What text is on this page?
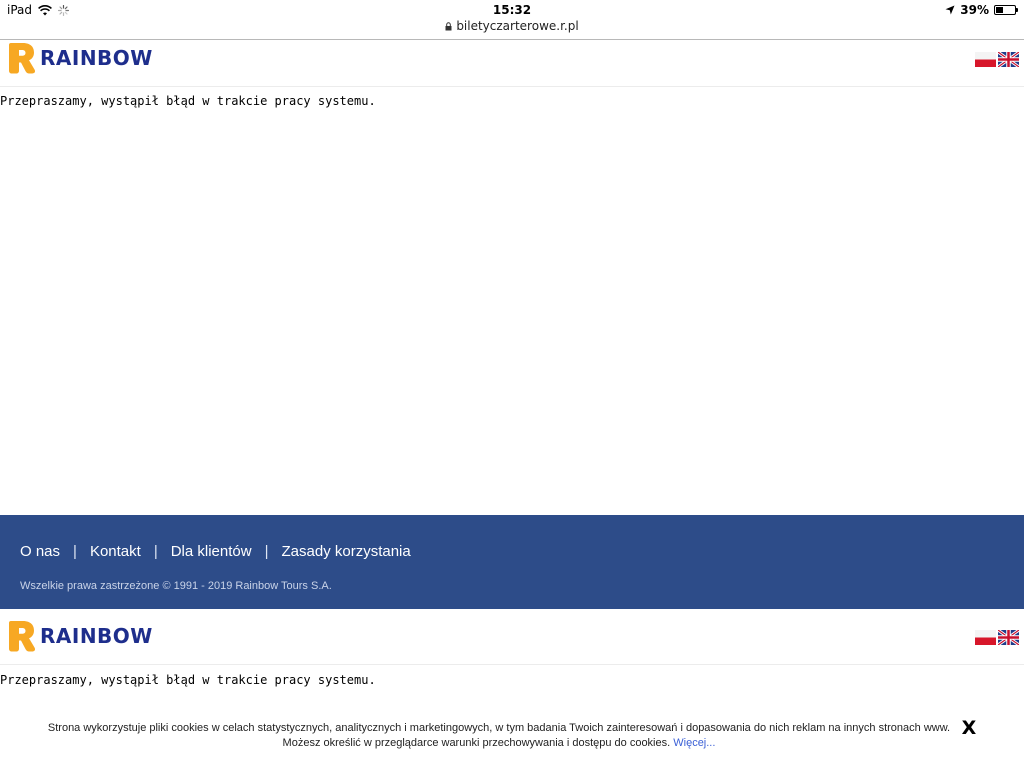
iPad	15:32	39%
biletyczarterowe.r.pl
RAINBOW
Przepraszamy, wystąpił błąd w trakcie pracy systemu.
O nas | Kontakt | Dla klientów | Zasady korzystania
Wszelkie prawa zastrzeżone © 1991 - 2019 Rainbow Tours S.A.
RAINBOW
Przepraszamy, wystąpił błąd w trakcie pracy systemu.
Strona wykorzystuje pliki cookies w celach statystycznych, analitycznych i marketingowych, w tym badania Twoich zainteresowań i dopasowania do nich reklam na innych stronach www. Możesz określić w przeglądarce warunki przechowywania i dostępu do cookies. Więcej...
X
